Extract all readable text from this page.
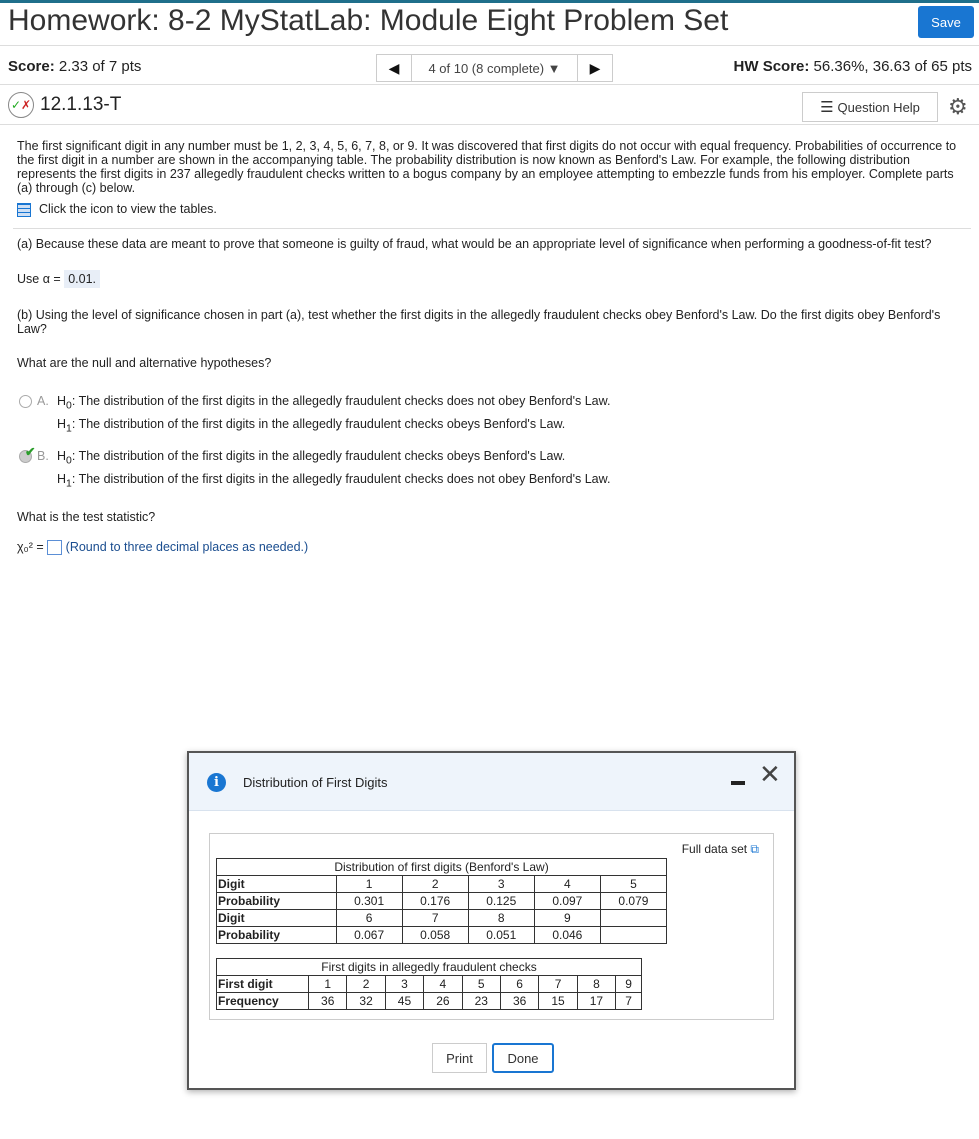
Homework: 8-2 MyStatLab: Module Eight Problem Set	Save
Score: 2.33 of 7 pts	◀	4 of 10 (8 complete) ▼	▶	HW Score: 56.36%, 36.63 of 65 pts
✓ ✗ 12.1.13-T	☰ Question Help ⚙

The first significant digit in any number must be 1, 2, 3, 4, 5, 6, 7, 8, or 9. It was discovered that first digits do not occur with equal frequency. Probabilities of occurrence to the first digit in a number are shown in the accompanying table. The probability distribution is now known as Benford's Law. For example, the following distribution represents the first digits in 237 allegedly fraudulent checks written to a bogus company by an employee attempting to embezzle funds from his employer. Complete parts (a) through (c) below.

Click the icon to view the tables.

(a) Because these data are meant to prove that someone is guilty of fraud, what would be an appropriate level of significance when performing a goodness-of-fit test?

Use α = 0.01.

(b) Using the level of significance chosen in part (a), test whether the first digits in the allegedly fraudulent checks obey Benford's Law. Do the first digits obey Benford's Law?

What are the null and alternative hypotheses?

A. $H_0$: The distribution of the first digits in the allegedly fraudulent checks does not obey Benford's Law.
$H_1$: The distribution of the first digits in the allegedly fraudulent checks obeys Benford's Law.
✔ B. $H_0$: The distribution of the first digits in the allegedly fraudulent checks obeys Benford's Law.
$H_1$: The distribution of the first digits in the allegedly fraudulent checks does not obey Benford's Law.

What is the test statistic?

χ₀² = (Round to three decimal places as needed.)

i	Distribution of First Digits	✕
Full data set ⧉
Distribution of first digits (Benford's Law)					
Digit	1	2	3	4	5
Probability	0.301	0.176	0.125	0.097	0.079
Digit	6	7	8	9	
Probability	0.067	0.058	0.051	0.046	
First digits in allegedly fraudulent checks									
First digit	1	2	3	4	5	6	7	8	9
Frequency	36	32	45	26	23	36	15	17	7
Print	Done
